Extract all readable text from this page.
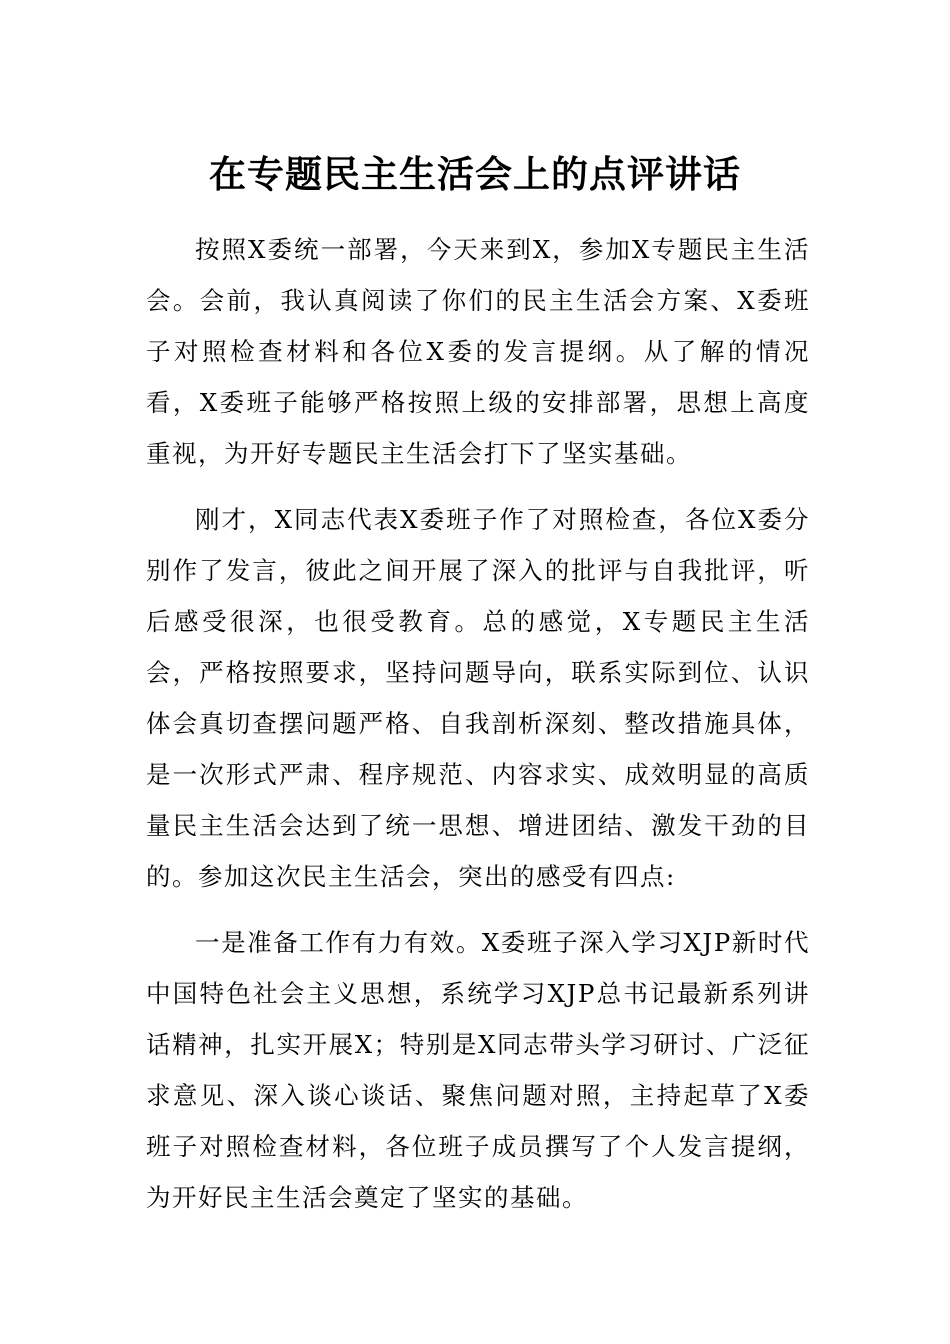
在专题民主生活会上的点评讲话

按照X委统一部署，今天来到X，参加X专题民主生活会。会前，我认真阅读了你们的民主生活会方案、X委班子对照检查材料和各位X委的发言提纲。从了解的情况看，X委班子能够严格按照上级的安排部署，思想上高度重视，为开好专题民主生活会打下了坚实基础。

刚才，X同志代表X委班子作了对照检查，各位X委分别作了发言，彼此之间开展了深入的批评与自我批评，听后感受很深，也很受教育。总的感觉，X专题民主生活会，严格按照要求，坚持问题导向，联系实际到位、认识体会真切查摆问题严格、自我剖析深刻、整改措施具体，是一次形式严肃、程序规范、内容求实、成效明显的高质量民主生活会达到了统一思想、增进团结、激发干劲的目的。参加这次民主生活会，突出的感受有四点:

一是准备工作有力有效。X委班子深入学习XJP新时代中国特色社会主义思想，系统学习XJP总书记最新系列讲话精神，扎实开展X；特别是X同志带头学习研讨、广泛征求意见、深入谈心谈话、聚焦问题对照，主持起草了X委班子对照检查材料，各位班子成员撰写了个人发言提纲，为开好民主生活会奠定了坚实的基础。
